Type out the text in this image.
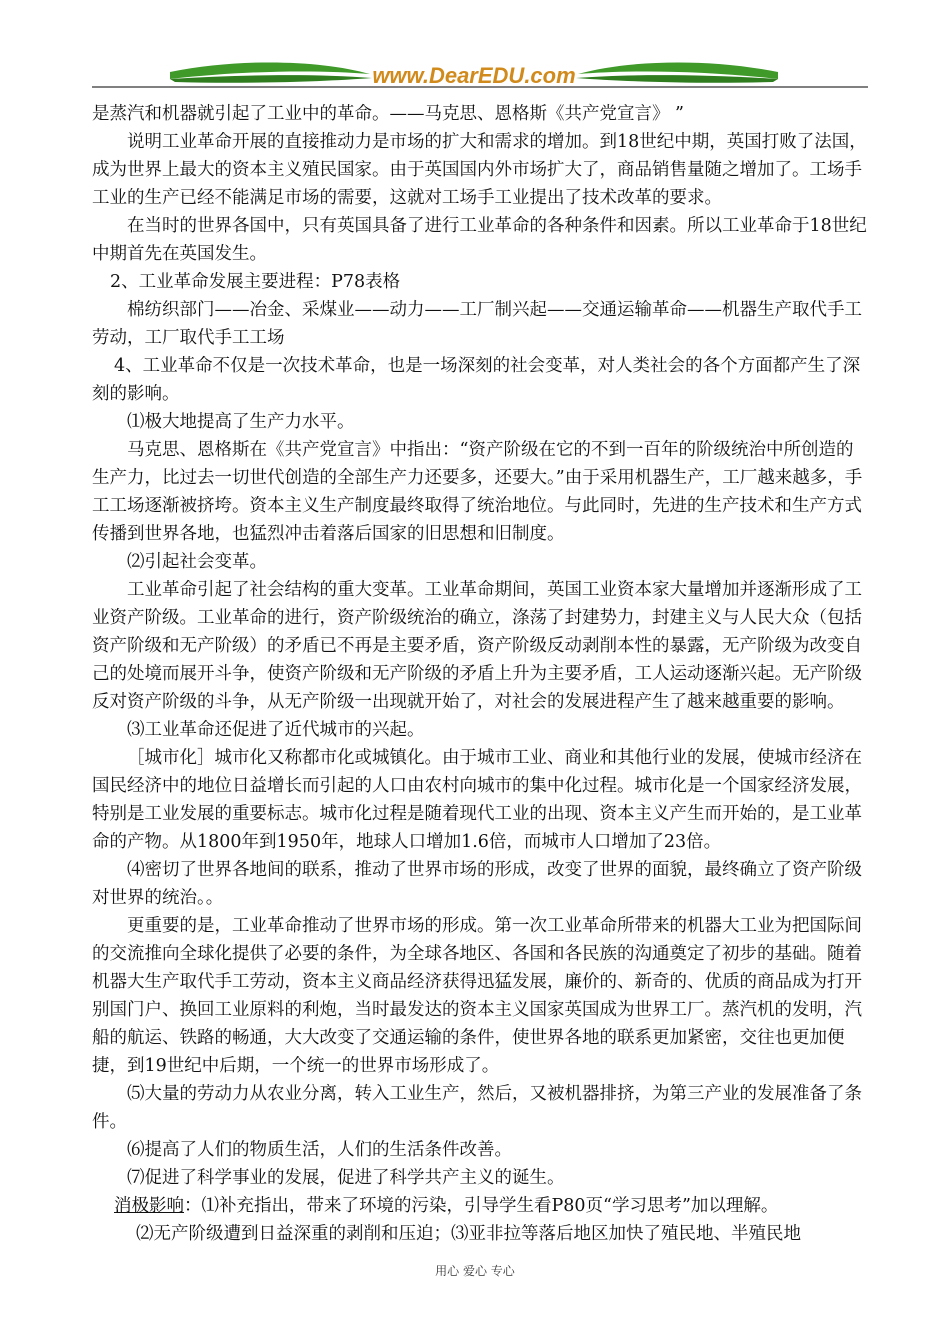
www.DearEDU.com

是蒸汽和机器就引起了工业中的革命。——马克思、恩格斯《共产党宣言》 ”

说明工业革命开展的直接推动力是市场的扩大和需求的增加。到18世纪中期，英国打败了法国，成为世界上最大的资本主义殖民国家。由于英国国内外市场扩大了，商品销售量随之增加了。工场手工业的生产已经不能满足市场的需要，这就对工场手工业提出了技术改革的要求。

在当时的世界各国中，只有英国具备了进行工业革命的各种条件和因素。所以工业革命于18世纪中期首先在英国发生。

2、工业革命发展主要进程：P78表格

棉纺织部门——冶金、采煤业——动力——工厂制兴起——交通运输革命——机器生产取代手工劳动，工厂取代手工工场

4、工业革命不仅是一次技术革命，也是一场深刻的社会变革，对人类社会的各个方面都产生了深刻的影响。

⑴极大地提高了生产力水平。

马克思、恩格斯在《共产党宣言》中指出：“资产阶级在它的不到一百年的阶级统治中所创造的生产力，比过去一切世代创造的全部生产力还要多，还要大。”由于采用机器生产，工厂越来越多，手工工场逐渐被挤垮。资本主义生产制度最终取得了统治地位。与此同时，先进的生产技术和生产方式传播到世界各地，也猛烈冲击着落后国家的旧思想和旧制度。

⑵引起社会变革。

工业革命引起了社会结构的重大变革。工业革命期间，英国工业资本家大量增加并逐渐形成了工业资产阶级。工业革命的进行，资产阶级统治的确立，涤荡了封建势力，封建主义与人民大众（包括资产阶级和无产阶级）的矛盾已不再是主要矛盾，资产阶级反动剥削本性的暴露，无产阶级为改变自己的处境而展开斗争，使资产阶级和无产阶级的矛盾上升为主要矛盾，工人运动逐渐兴起。无产阶级反对资产阶级的斗争，从无产阶级一出现就开始了，对社会的发展进程产生了越来越重要的影响。

⑶工业革命还促进了近代城市的兴起。

［城市化］城市化又称都市化或城镇化。由于城市工业、商业和其他行业的发展，使城市经济在国民经济中的地位日益增长而引起的人口由农村向城市的集中化过程。城市化是一个国家经济发展，特别是工业发展的重要标志。城市化过程是随着现代工业的出现、资本主义产生而开始的，是工业革命的产物。从1800年到1950年，地球人口增加1.6倍，而城市人口增加了23倍。

⑷密切了世界各地间的联系，推动了世界市场的形成，改变了世界的面貌，最终确立了资产阶级对世界的统治。。

更重要的是，工业革命推动了世界市场的形成。第一次工业革命所带来的机器大工业为把国际间的交流推向全球化提供了必要的条件，为全球各地区、各国和各民族的沟通奠定了初步的基础。随着机器大生产取代手工劳动，资本主义商品经济获得迅猛发展，廉价的、新奇的、优质的商品成为打开别国门户、换回工业原料的利炮，当时最发达的资本主义国家英国成为世界工厂。蒸汽机的发明，汽船的航运、铁路的畅通，大大改变了交通运输的条件，使世界各地的联系更加紧密，交往也更加便捷，到19世纪中后期，一个统一的世界市场形成了。

⑸大量的劳动力从农业分离，转入工业生产，然后，又被机器排挤，为第三产业的发展准备了条件。

⑹提高了人们的物质生活，人们的生活条件改善。

⑺促进了科学事业的发展，促进了科学共产主义的诞生。

消极影响：⑴补充指出，带来了环境的污染，引导学生看P80页“学习思考”加以理解。

⑵无产阶级遭到日益深重的剥削和压迫；⑶亚非拉等落后地区加快了殖民地、半殖民地

用心 爱心 专心
